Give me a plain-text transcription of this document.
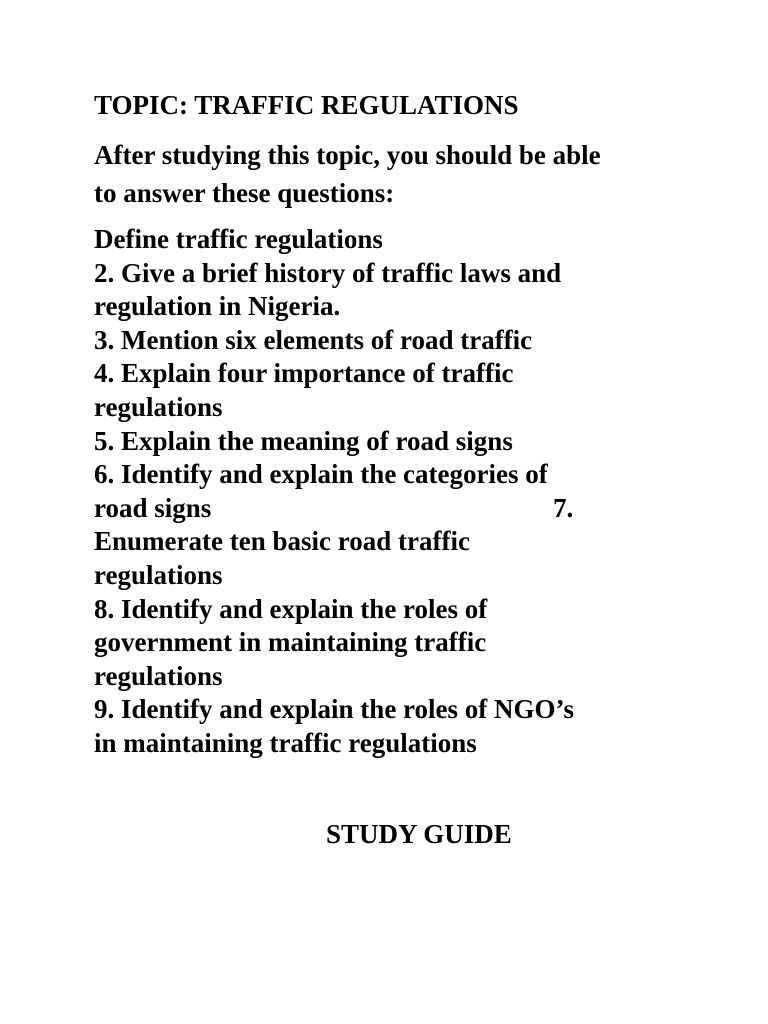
TOPIC: TRAFFIC REGULATIONS
After studying this topic, you should be able
to answer these questions:
Define traffic regulations
2. Give a brief history of traffic laws and
regulation in Nigeria.
3. Mention six elements of road traffic
4. Explain four importance of traffic
regulations
5. Explain the meaning of road signs
6. Identify and explain the categories of
road signs	7.
Enumerate ten basic road traffic
regulations
8. Identify and explain the roles of
government in maintaining traffic
regulations
9. Identify and explain the roles of NGO’s
in maintaining traffic regulations
STUDY GUIDE
